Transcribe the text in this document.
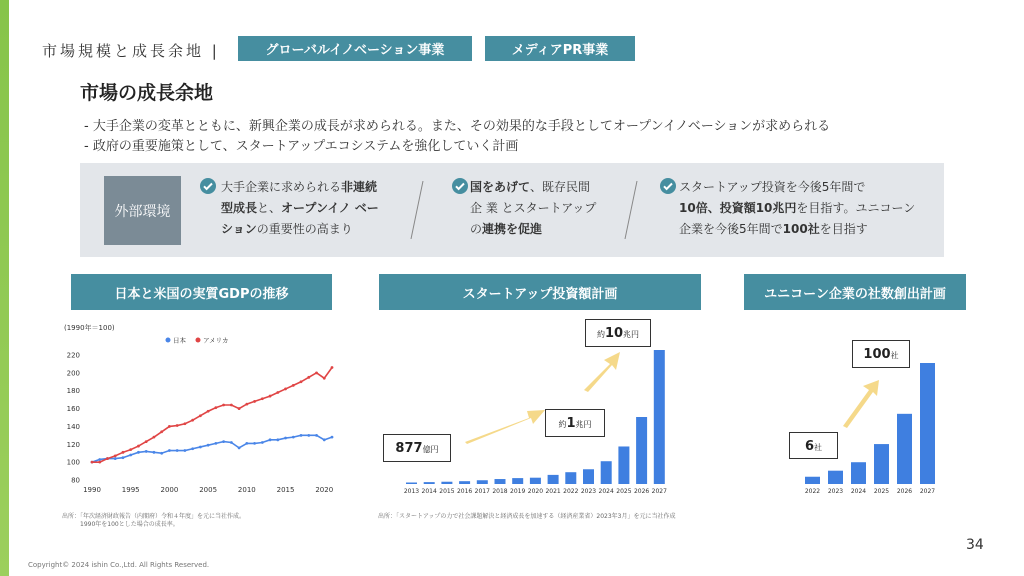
市場規模と成長余地 |	グローバルイノベーション事業	メディアPR事業
市場の成長余地
- 大手企業の変革とともに、新興企業の成長が求められる。また、その効果的な手段としてオープンイノベーションが求められる
- 政府の重要施策として、スタートアップエコシステムを強化していく計画
外部環境
大手企業に求められる非連続
型成長と、オープンイノ ベー
ションの重要性の高まり
国をあげて、既存民間
企 業 とスタートアップ
の連携を促進
スタートアップ投資を今後5年間で
10倍、投資額10兆円を目指す。ユニコーン
企業を今後5年間で100社を目指す
日本と米国の実質GDPの推移	スタートアップ投資額計画	ユニコーン企業の社数創出計画
(1990年＝100)
80
100
120
140
160
180
200
220
1990	1995	2000	2005	2010	2015	2020
日本	アメリカ
2013 2014 2015 2016 2017 2018 2019 2020 2021 2022 2023 2024 2025 2026 2027	2022 2023 2024 2025 2026 2027
877 億円
約 1 兆円
約 10 兆円
6 社
100 社
出所：「年次経済財政報告（内閣府）令和４年度」を元に当社作成。
1990年を100とした場合の成長率。
出所：「スタートアップの力で社会課題解決と経済成長を加速する（経済産業省）2023年3月」を元に当社作成
34
Copyright© 2024 ishin Co.,Ltd. All Rights Reserved.
